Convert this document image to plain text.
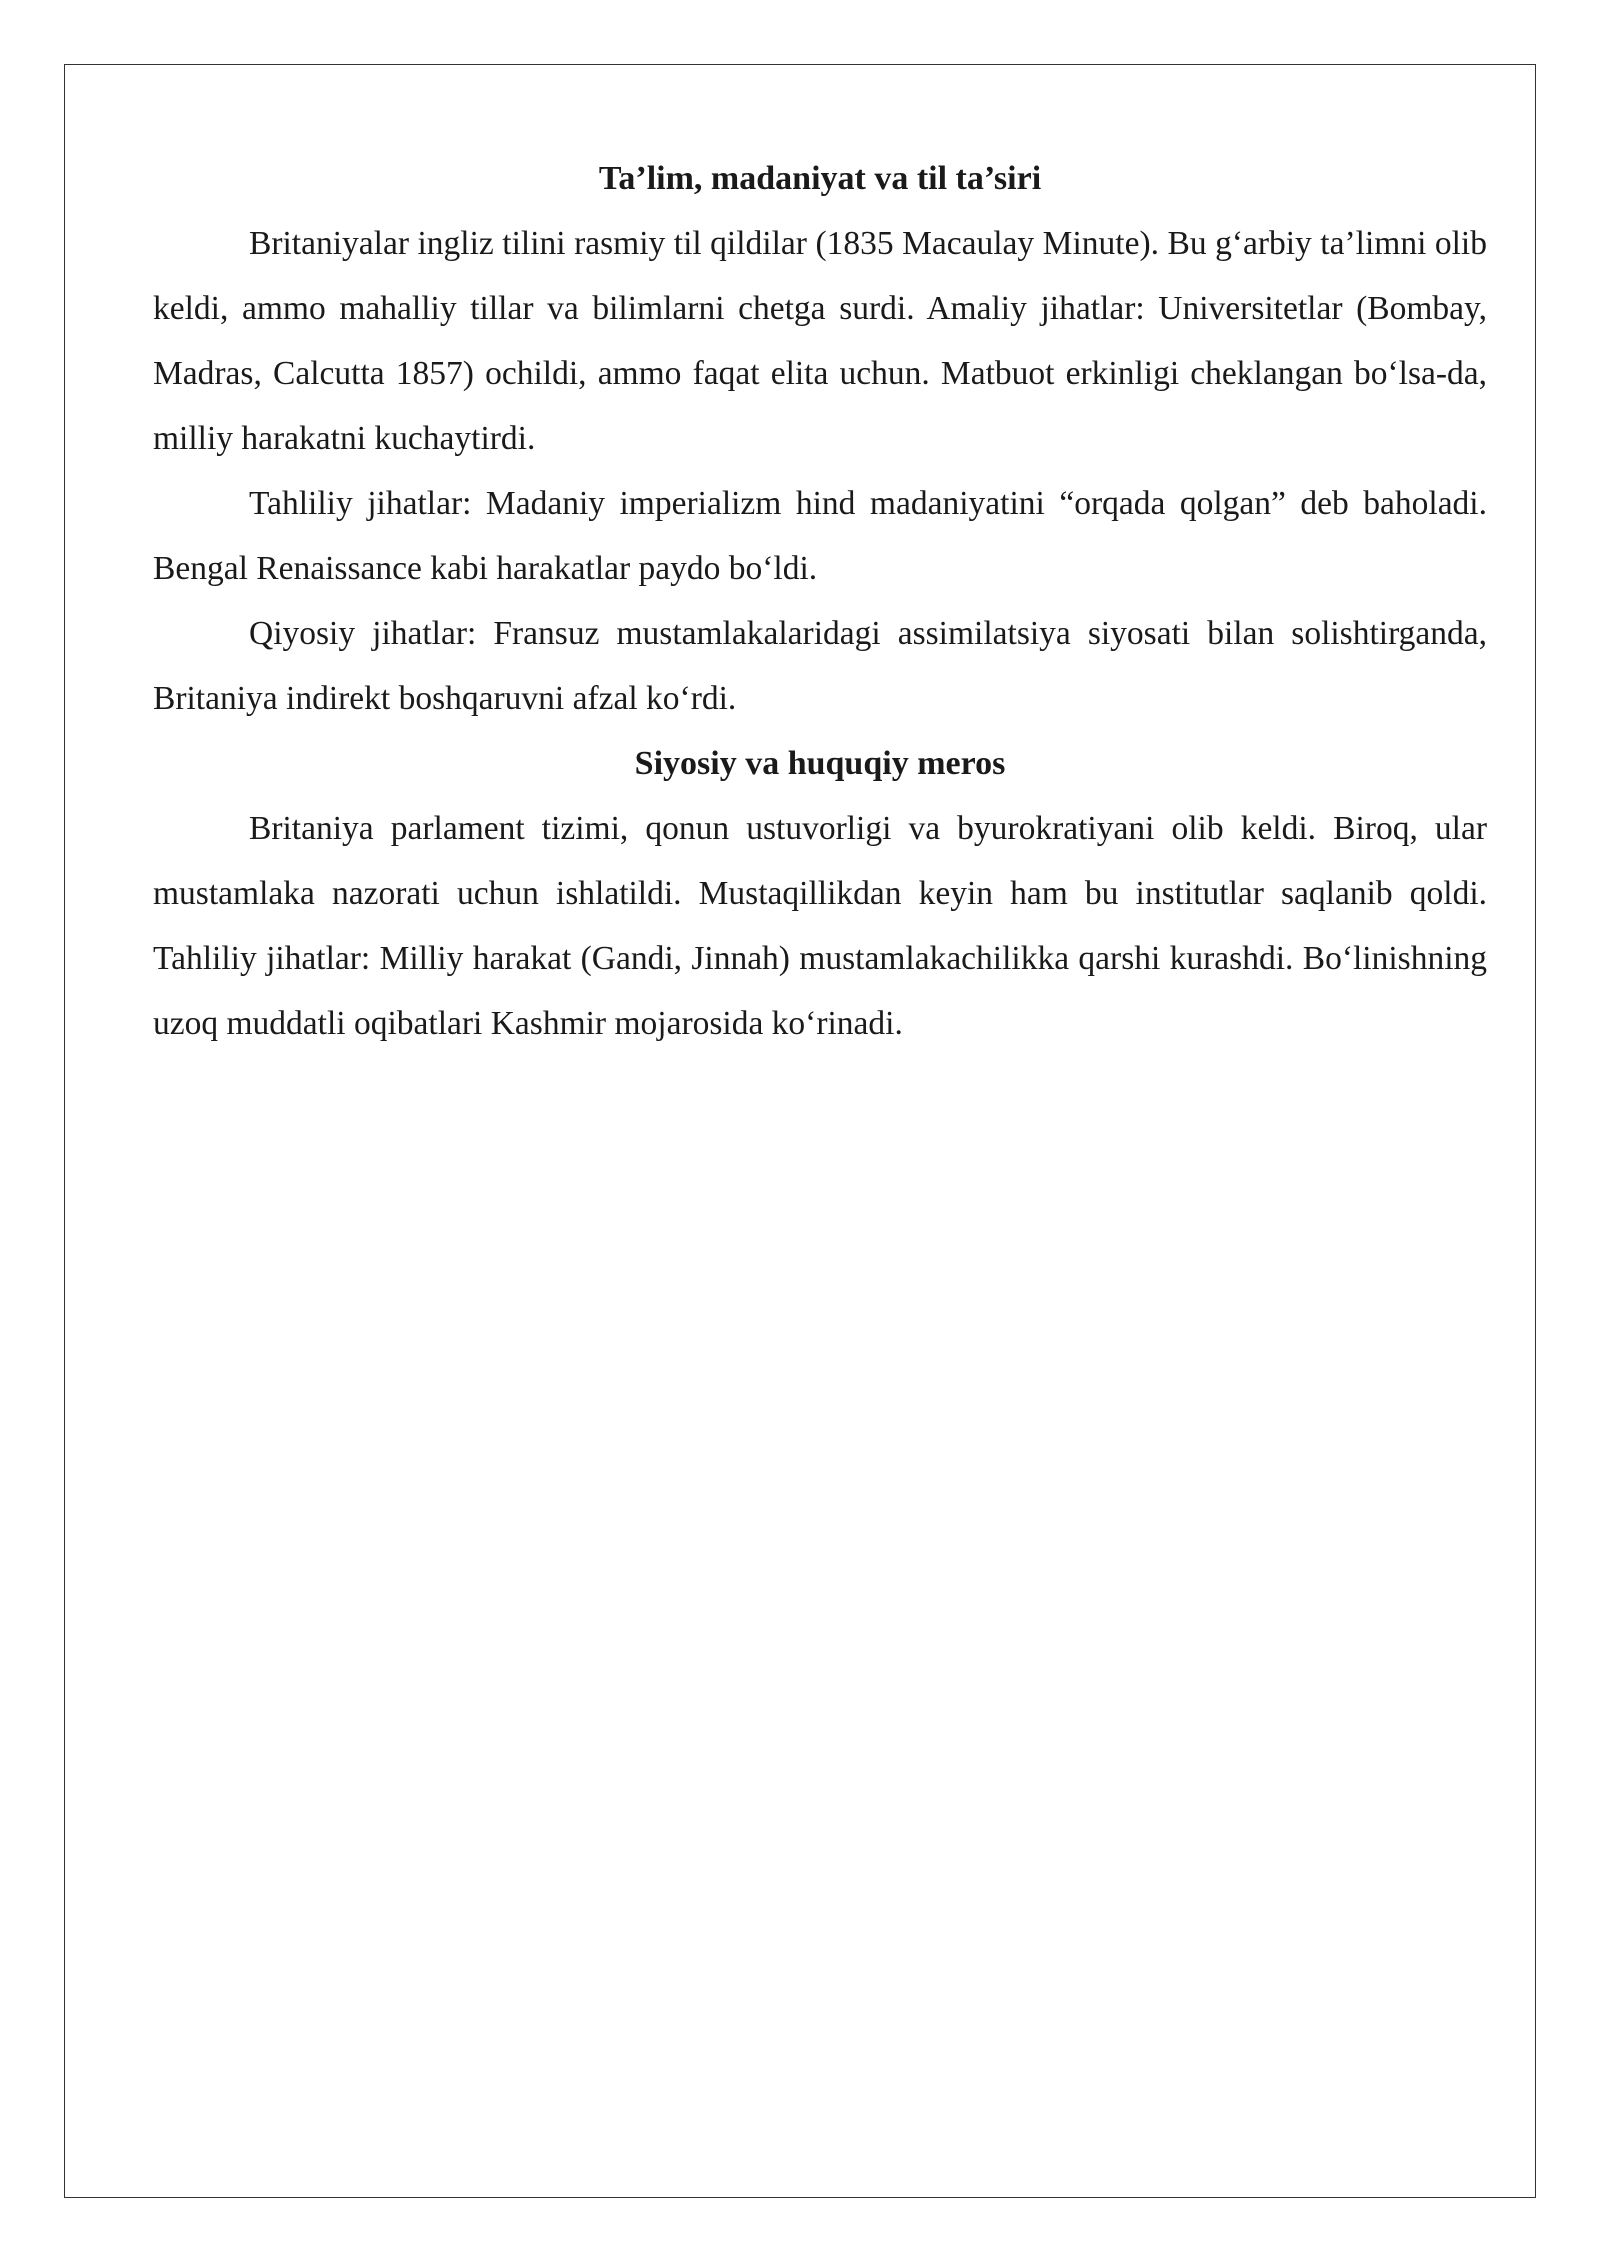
Ta’lim, madaniyat va til ta’siri

Britaniyalar ingliz tilini rasmiy til qildilar (1835 Macaulay Minute). Bu g‘arbiy ta’limni olib keldi, ammo mahalliy tillar va bilimlarni chetga surdi. Amaliy jihatlar: Universitetlar (Bombay, Madras, Calcutta 1857) ochildi, ammo faqat elita uchun. Matbuot erkinligi cheklangan bo‘lsa-da, milliy harakatni kuchaytirdi.

Tahliliy jihatlar: Madaniy imperializm hind madaniyatini “orqada qolgan” deb baholadi. Bengal Renaissance kabi harakatlar paydo bo‘ldi.

Qiyosiy jihatlar: Fransuz mustamlakalaridagi assimilatsiya siyosati bilan solishtirganda, Britaniya indirekt boshqaruvni afzal ko‘rdi.

Siyosiy va huquqiy meros

Britaniya parlament tizimi, qonun ustuvorligi va byurokratiyani olib keldi. Biroq, ular mustamlaka nazorati uchun ishlatildi. Mustaqillikdan keyin ham bu institutlar saqlanib qoldi. Tahliliy jihatlar: Milliy harakat (Gandi, Jinnah) mustamlakachilikka qarshi kurashdi. Bo‘linishning uzoq muddatli oqibatlari Kashmir mojarosida ko‘rinadi.
